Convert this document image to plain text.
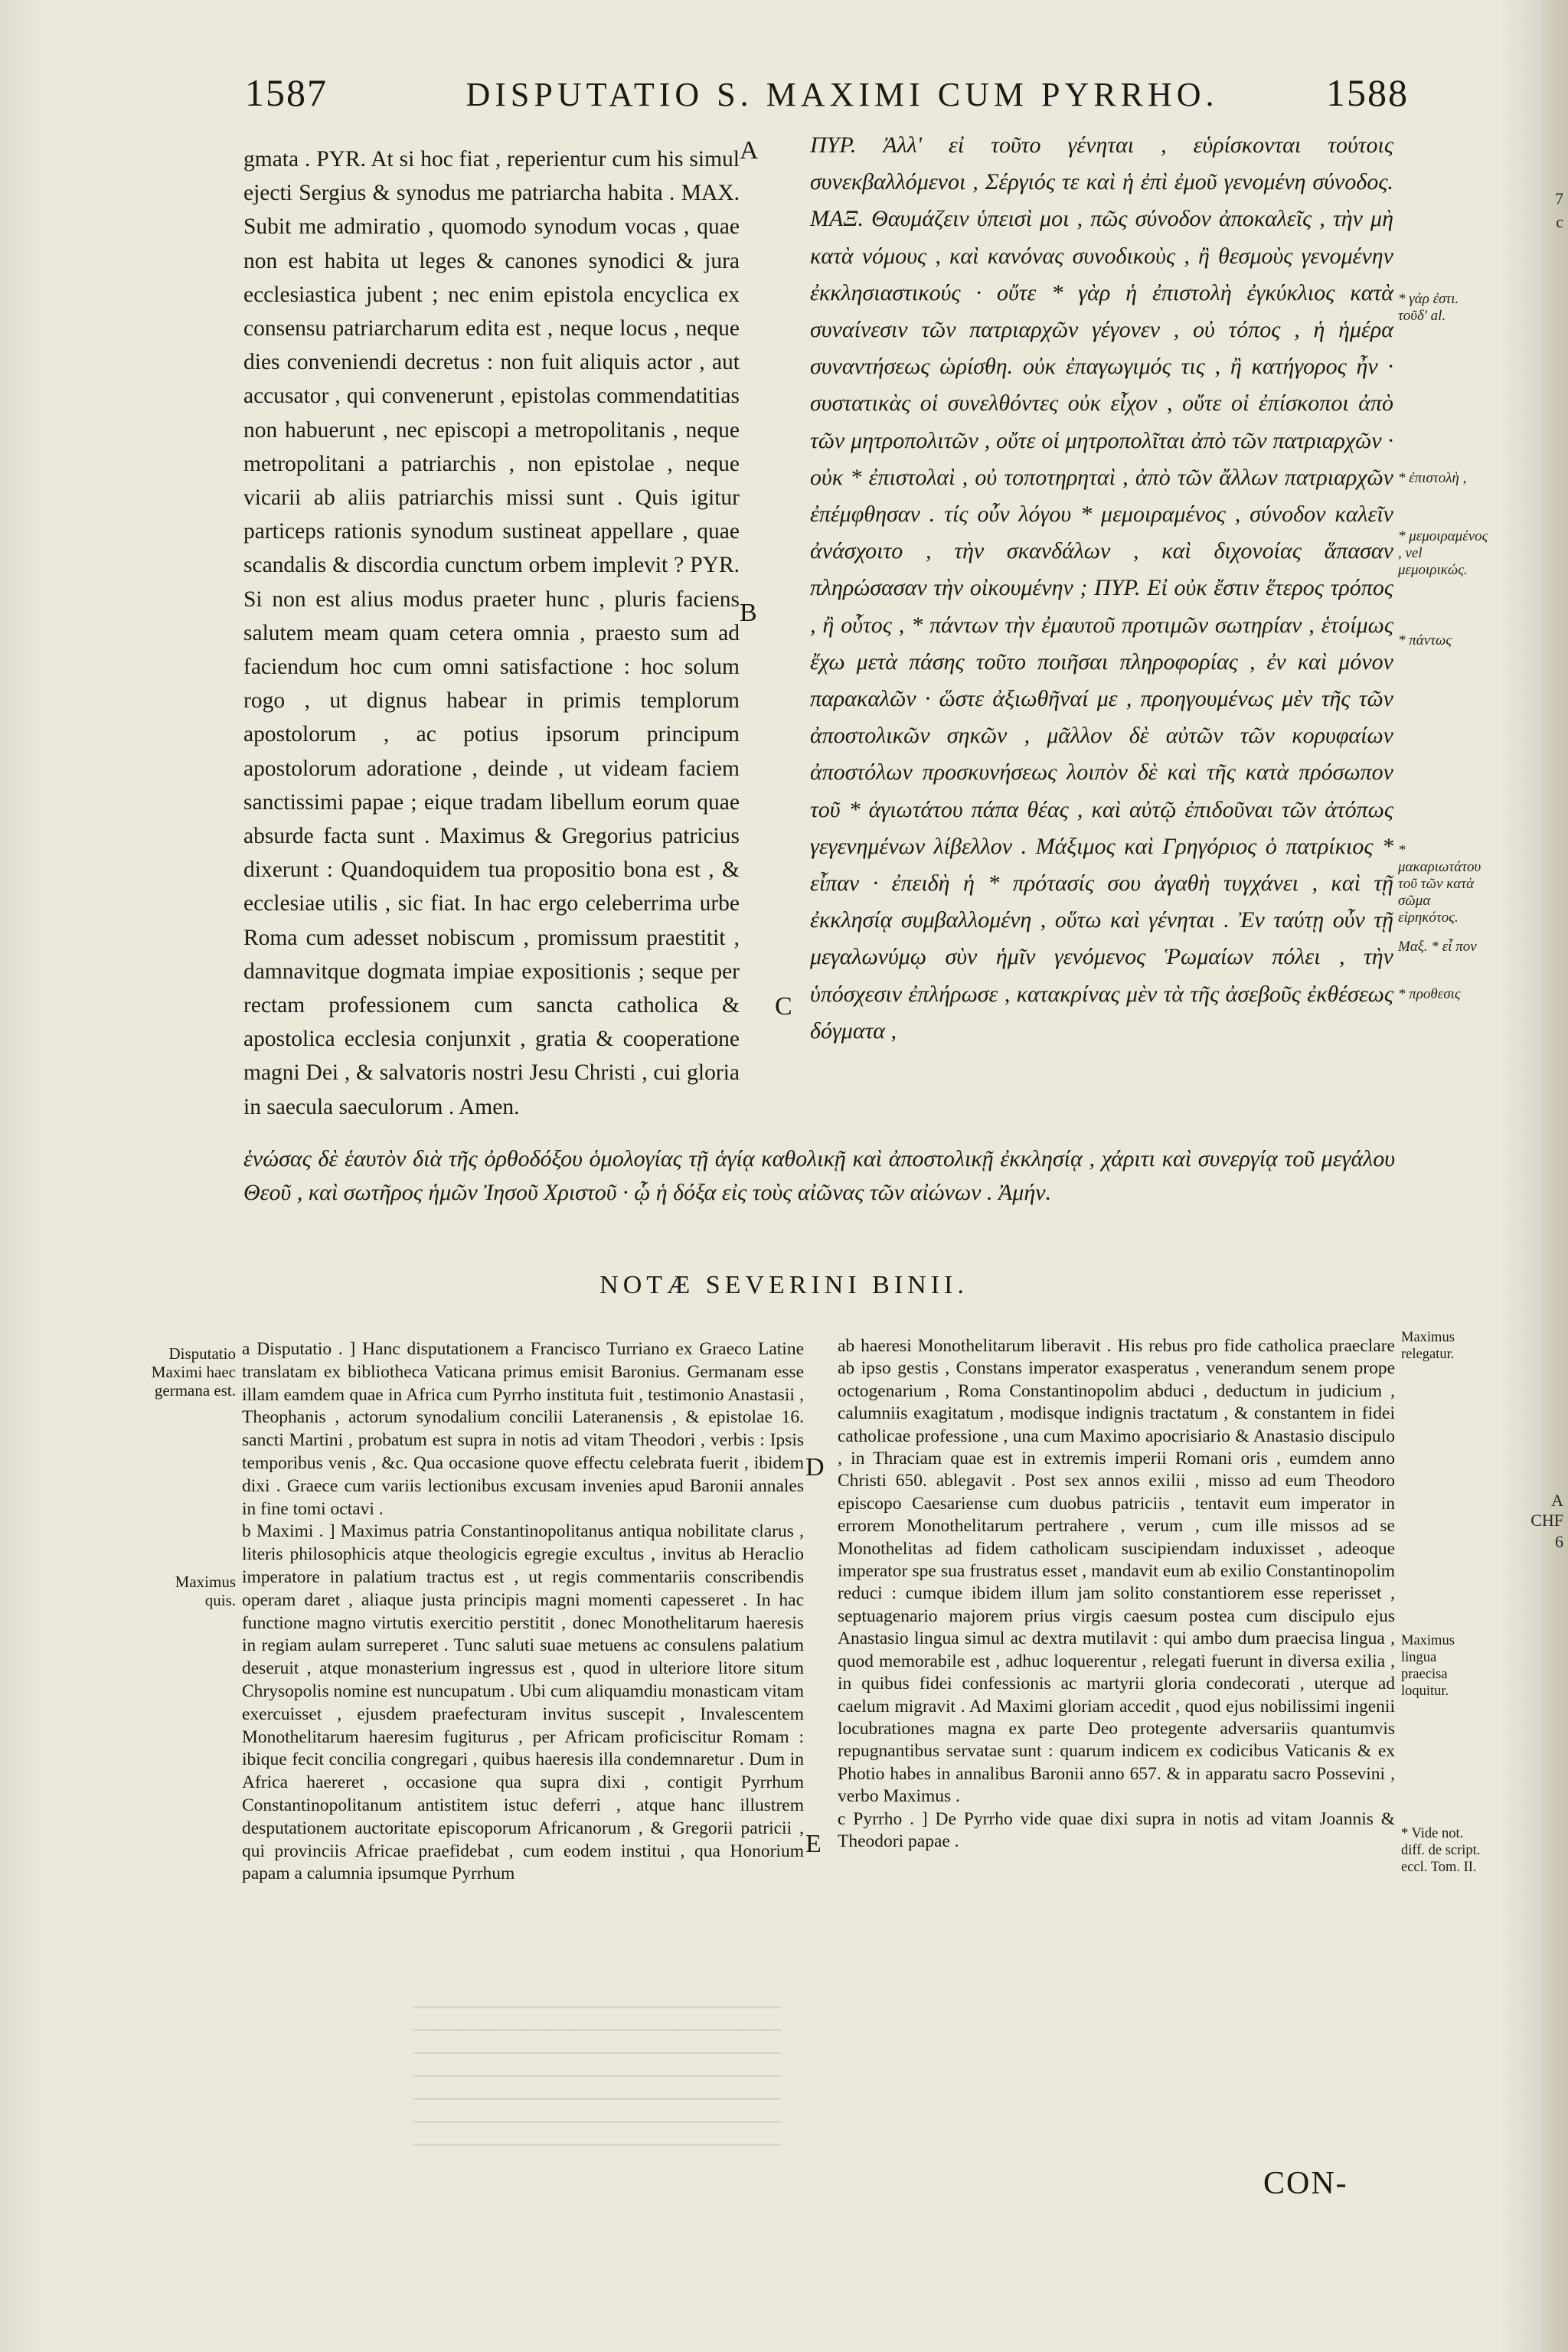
7
c
A
CHF
6
1587	DISPUTATIO S. MAXIMI CUM PYRRHO.	1588

gmata . PYR. At si hoc fiat , reperientur cum his simul ejecti Sergius & synodus me patriarcha habita . MAX. Subit me admiratio , quomodo synodum vocas , quae non est habita ut leges & canones synodici & jura ecclesiastica jubent ; nec enim epistola encyclica ex consensu patriarcharum edita est , neque locus , neque dies conveniendi decretus : non fuit aliquis actor , aut accusator , qui convenerunt , epistolas commendatitias non habuerunt , nec episcopi a metropolitanis , neque metropolitani a patriarchis , non epistolae , neque vicarii ab aliis patriarchis missi sunt . Quis igitur particeps rationis synodum sustineat appellare , quae scandalis & discordia cunctum orbem implevit ? PYR. Si non est alius modus praeter hunc , pluris faciens salutem meam quam cetera omnia , praesto sum ad faciendum hoc cum omni satisfactione : hoc solum rogo , ut dignus habear in primis templorum apostolorum , ac potius ipsorum principum apostolorum adoratione , deinde , ut videam faciem sanctissimi papae ; eique tradam libellum eorum quae absurde facta sunt . Maximus & Gregorius patricius dixerunt : Quandoquidem tua propositio bona est , & ecclesiae utilis , sic fiat. In hac ergo celeberrima urbe Roma cum adesset nobiscum , promissum praestitit , damnavitque dogmata impiae expositionis ; seque per rectam professionem cum sancta catholica & apostolica ecclesia conjunxit , gratia & cooperatione magni Dei , & salvatoris nostri Jesu Christi , cui gloria in saecula saeculorum . Amen.

A
B
C

ΠΥΡ. Ἀλλ' εἰ τοῦτο γένηται , εὑρίσκονται τούτοις συνεκβαλλόμενοι , Σέργιός τε καὶ ἡ ἐπὶ ἐμοῦ γενομένη σύνοδος. ΜΑΞ. Θαυμάζειν ὑπεισὶ μοι , πῶς σύνοδον ἀποκαλεῖς , τὴν μὴ κατὰ νόμους , καὶ κανόνας συνοδικοὺς , ἢ θεσμοὺς γενομένην ἐκκλησιαστικούς · οὔτε * γὰρ ἡ ἐπιστολὴ ἐγκύκλιος κατὰ συναίνεσιν τῶν πατριαρχῶν γέγονεν , οὐ τόπος , ἡ ἡμέρα συναντήσεως ὡρίσθη. οὐκ ἐπαγωγιμός τις , ἢ κατήγορος ἦν · συστατικὰς οἱ συνελθόντες οὐκ εἶχον , οὔτε οἱ ἐπίσκοποι ἀπὸ τῶν μητροπολιτῶν , οὔτε οἱ μητροπολῖται ἀπὸ τῶν πατριαρχῶν · οὐκ * ἐπιστολαὶ , οὐ τοποτηρηταὶ , ἀπὸ τῶν ἄλλων πατριαρχῶν ἐπέμφθησαν . τίς οὖν λόγου * μεμοιραμένος , σύνοδον καλεῖν ἀνάσχοιτο , τὴν σκανδάλων , καὶ διχονοίας ἅπασαν πληρώσασαν τὴν οἰκουμένην ; ΠΥΡ. Εἰ οὐκ ἔστιν ἕτερος τρόπος , ἢ οὗτος , * πάντων τὴν ἐμαυτοῦ προτιμῶν σωτηρίαν , ἑτοίμως ἔχω μετὰ πάσης τοῦτο ποιῆσαι πληροφορίας , ἐν καὶ μόνον παρακαλῶν · ὥστε ἀξιωθῆναί με , προηγουμένως μὲν τῆς τῶν ἀποστολικῶν σηκῶν , μᾶλλον δὲ αὐτῶν τῶν κορυφαίων ἀποστόλων προσκυνήσεως λοιπὸν δὲ καὶ τῆς κατὰ πρόσωπον τοῦ * ἁγιωτάτου πάπα θέας , καὶ αὐτῷ ἐπιδοῦναι τῶν ἀτόπως γεγενημένων λίβελλον . Μάξιμος καὶ Γρηγόριος ὁ πατρίκιος * εἶπαν · ἐπειδὴ ἡ * πρότασίς σου ἀγαθὴ τυγχάνει , καὶ τῇ ἐκκλησίᾳ συμβαλλομένη , οὕτω καὶ γένηται . Ἐν ταύτῃ οὖν τῇ μεγαλωνύμῳ σὺν ἡμῖν γενόμενος Ῥωμαίων πόλει , τὴν ὑπόσχεσιν ἐπλήρωσε , κατακρίνας μὲν τὰ τῆς ἀσεβοῦς ἐκθέσεως δόγματα ,

* γάρ ἐστι. τοῦδ' al.
* ἐπιστολὴ ,
* μεμοιραμένος , vel μεμοιρικώς.
* πάντως
* μακαριωτάτου τοῦ τῶν κατὰ σῶμα εἰρηκότος.
Μαξ. * εἶ πον
* προθεσις

ἑνώσας δὲ ἑαυτὸν διὰ τῆς ὀρθοδόξου ὁμολογίας τῇ ἁγίᾳ καθολικῇ καὶ ἀποστολικῇ ἐκκλησίᾳ , χάριτι καὶ συνεργίᾳ τοῦ μεγάλου Θεοῦ , καὶ σωτῆρος ἡμῶν Ἰησοῦ Χριστοῦ · ᾧ ἡ δόξα εἰς τοὺς αἰῶνας τῶν αἰώνων . Ἀμήν.

NOTÆ SEVERINI BINII.
Disputatio Maximi haec germana est.
Maximus quis.

a Disputatio . ] Hanc disputationem a Francisco Turriano ex Graeco Latine translatam ex bibliotheca Vaticana primus emisit Baronius. Germanam esse illam eamdem quae in Africa cum Pyrrho instituta fuit , testimonio Anastasii , Theophanis , actorum synodalium concilii Lateranensis , & epistolae 16. sancti Martini , probatum est supra in notis ad vitam Theodori , verbis : Ipsis temporibus venis , &c. Qua occasione quove effectu celebrata fuerit , ibidem dixi . Graece cum variis lectionibus excusam invenies apud Baronii annales in fine tomi octavi .

b Maximi . ] Maximus patria Constantinopolitanus antiqua nobilitate clarus , literis philosophicis atque theologicis egregie excultus , invitus ab Heraclio imperatore in palatium tractus est , ut regis commentariis conscribendis operam daret , aliaque justa principis magni momenti capesseret . In hac functione magno virtutis exercitio perstitit , donec Monothelitarum haeresis in regiam aulam surreperet . Tunc saluti suae metuens ac consulens palatium deseruit , atque monasterium ingressus est , quod in ulteriore litore situm Chrysopolis nomine est nuncupatum . Ubi cum aliquamdiu monasticam vitam exercuisset , ejusdem praefecturam invitus suscepit , Invalescentem Monothelitarum haeresim fugiturus , per Africam proficiscitur Romam : ibique fecit concilia congregari , quibus haeresis illa condemnaretur . Dum in Africa haereret , occasione qua supra dixi , contigit Pyrrhum Constantinopolitanum antistitem istuc deferri , atque hanc illustrem desputationem auctoritate episcoporum Africanorum , & Gregorii patricii , qui provinciis Africae praefidebat , cum eodem institui , qua Honorium papam a calumnia ipsumque Pyrrhum

D
E

ab haeresi Monothelitarum liberavit . His rebus pro fide catholica praeclare ab ipso gestis , Constans imperator exasperatus , venerandum senem prope octogenarium , Roma Constantinopolim abduci , deductum in judicium , calumniis exagitatum , modisque indignis tractatum , & constantem in fidei catholicae professione , una cum Maximo apocrisiario & Anastasio discipulo , in Thraciam quae est in extremis imperii Romani oris , eumdem anno Christi 650. ablegavit . Post sex annos exilii , misso ad eum Theodoro episcopo Caesariense cum duobus patriciis , tentavit eum imperator in errorem Monothelitarum pertrahere , verum , cum ille missos ad se Monothelitas ad fidem catholicam suscipiendam induxisset , adeoque imperator spe sua frustratus esset , mandavit eum ab exilio Constantinopolim reduci : cumque ibidem illum jam solito constantiorem esse reperisset , septuagenario majorem prius virgis caesum postea cum discipulo ejus Anastasio lingua simul ac dextra mutilavit : qui ambo dum praecisa lingua , quod memorabile est , adhuc loquerentur , relegati fuerunt in diversa exilia , in quibus fidei confessionis ac martyrii gloria condecorati , uterque ad caelum migravit . Ad Maximi gloriam accedit , quod ejus nobilissimi ingenii locubrationes magna ex parte Deo protegente adversariis quantumvis repugnantibus servatae sunt : quarum indicem ex codicibus Vaticanis & ex Photio habes in annalibus Baronii anno 657. & in apparatu sacro Possevini , verbo Maximus .

c Pyrrho . ] De Pyrrho vide quae dixi supra in notis ad vitam Joannis & Theodori papae .

Maximus relegatur.
Maximus lingua praecisa loquitur.
* Vide not. diff. de script. eccl. Tom. II.
CON-
